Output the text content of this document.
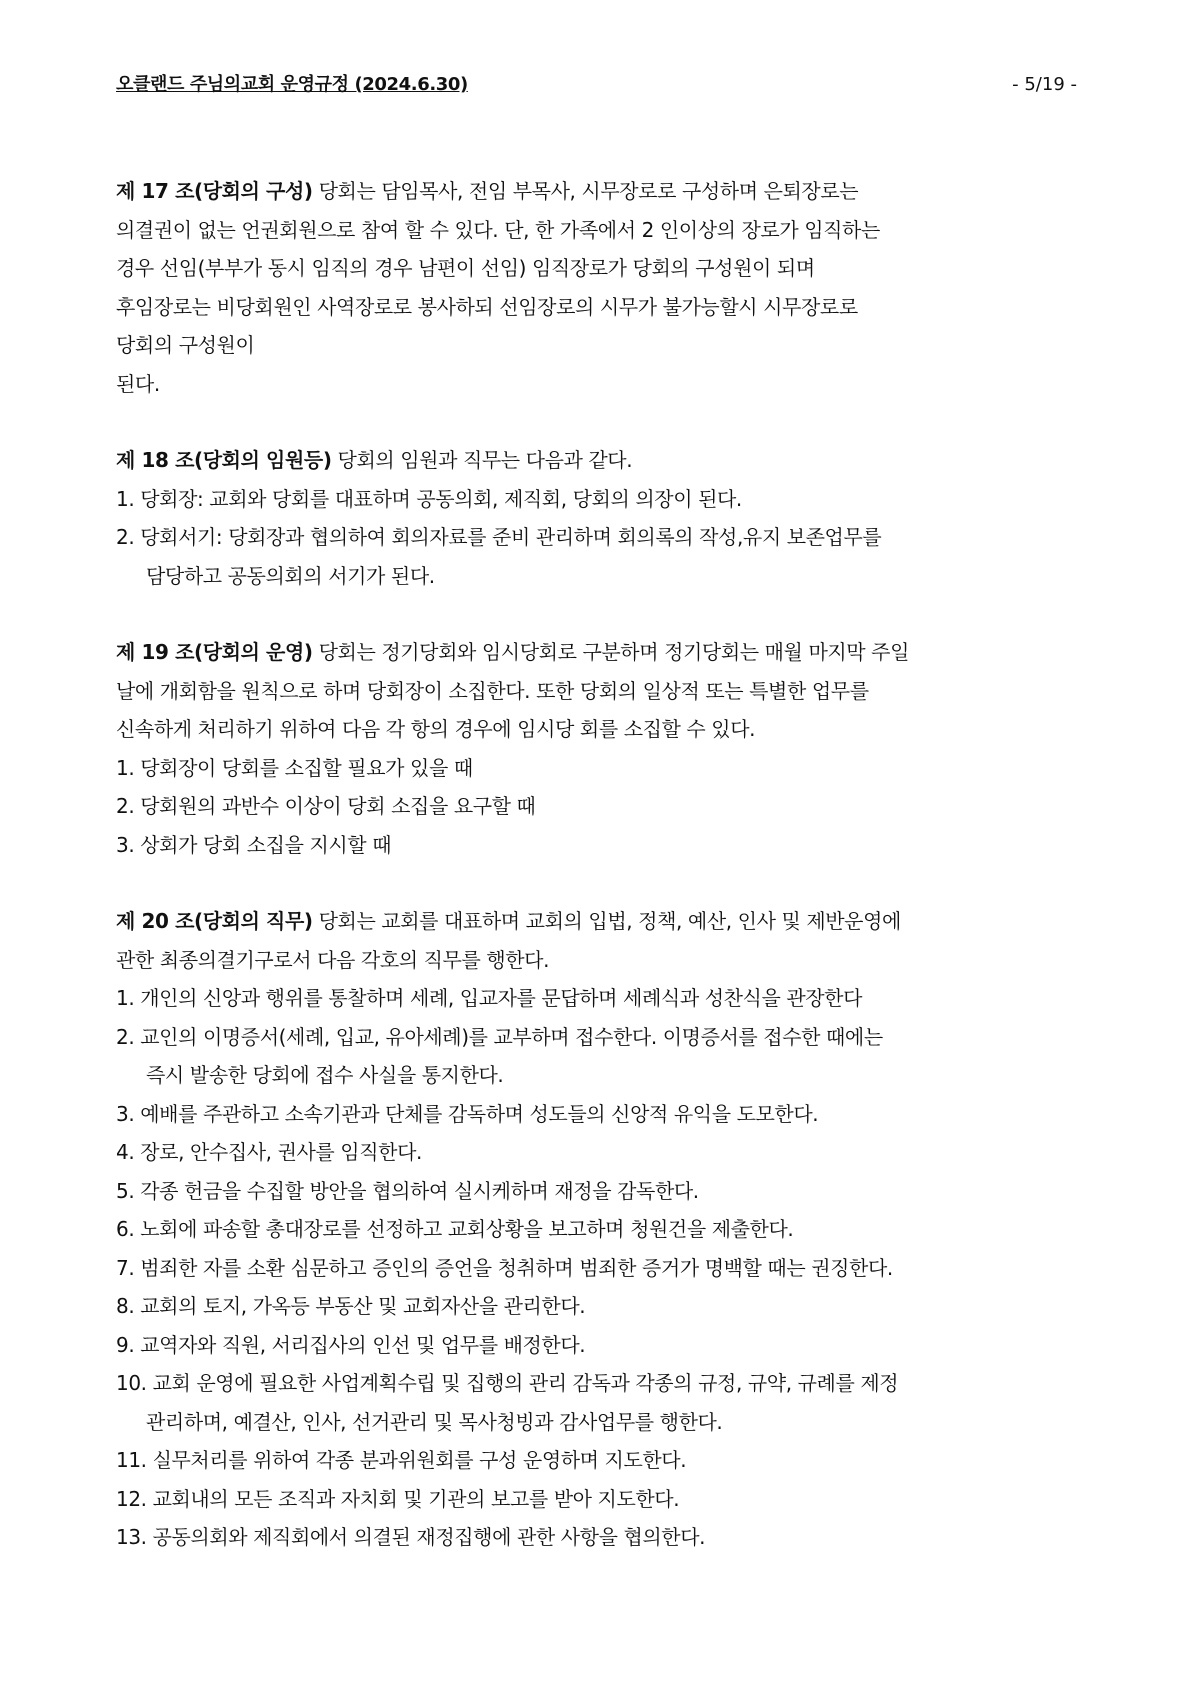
오클랜드 주님의교회 운영규정 (2024.6.30)	- 5/19 -
제 17 조(당회의 구성) 당회는 담임목사, 전임 부목사, 시무장로로 구성하며 은퇴장로는
의결권이 없는 언권회원으로 참여 할 수 있다. 단, 한 가족에서 2 인이상의 장로가 임직하는
경우 선임(부부가 동시 임직의 경우 남편이 선임) 임직장로가 당회의 구성원이 되며
후임장로는 비당회원인 사역장로로 봉사하되 선임장로의 시무가 불가능할시 시무장로로
당회의 구성원이
된다.
제 18 조(당회의 임원등) 당회의 임원과 직무는 다음과 같다.
1. 당회장: 교회와 당회를 대표하며 공동의회, 제직회, 당회의 의장이 된다.
2. 당회서기: 당회장과 협의하여 회의자료를 준비 관리하며 회의록의 작성,유지 보존업무를
담당하고 공동의회의 서기가 된다.
제 19 조(당회의 운영) 당회는 정기당회와 임시당회로 구분하며 정기당회는 매월 마지막 주일
날에 개회함을 원칙으로 하며 당회장이 소집한다. 또한 당회의 일상적 또는 특별한 업무를
신속하게 처리하기 위하여 다음 각 항의 경우에 임시당 회를 소집할 수 있다.
1. 당회장이 당회를 소집할 필요가 있을 때
2. 당회원의 과반수 이상이 당회 소집을 요구할 때
3. 상회가 당회 소집을 지시할 때
제 20 조(당회의 직무) 당회는 교회를 대표하며 교회의 입법, 정책, 예산, 인사 및 제반운영에
관한 최종의결기구로서 다음 각호의 직무를 행한다.
1. 개인의 신앙과 행위를 통찰하며 세례, 입교자를 문답하며 세례식과 성찬식을 관장한다
2. 교인의 이명증서(세례, 입교, 유아세례)를 교부하며 접수한다. 이명증서를 접수한 때에는
즉시 발송한 당회에 접수 사실을 통지한다.
3. 예배를 주관하고 소속기관과 단체를 감독하며 성도들의 신앙적 유익을 도모한다.
4. 장로, 안수집사, 권사를 임직한다.
5. 각종 헌금을 수집할 방안을 협의하여 실시케하며 재정을 감독한다.
6. 노회에 파송할 총대장로를 선정하고 교회상황을 보고하며 청원건을 제출한다.
7. 범죄한 자를 소환 심문하고 증인의 증언을 청취하며 범죄한 증거가 명백할 때는 권징한다.
8. 교회의 토지, 가옥등 부동산 및 교회자산을 관리한다.
9. 교역자와 직원, 서리집사의 인선 및 업무를 배정한다.
10. 교회 운영에 필요한 사업계획수립 및 집행의 관리 감독과 각종의 규정, 규약, 규례를 제정
관리하며, 예결산, 인사, 선거관리 및 목사청빙과 감사업무를 행한다.
11. 실무처리를 위하여 각종 분과위원회를 구성 운영하며 지도한다.
12. 교회내의 모든 조직과 자치회 및 기관의 보고를 받아 지도한다.
13. 공동의회와 제직회에서 의결된 재정집행에 관한 사항을 협의한다.
